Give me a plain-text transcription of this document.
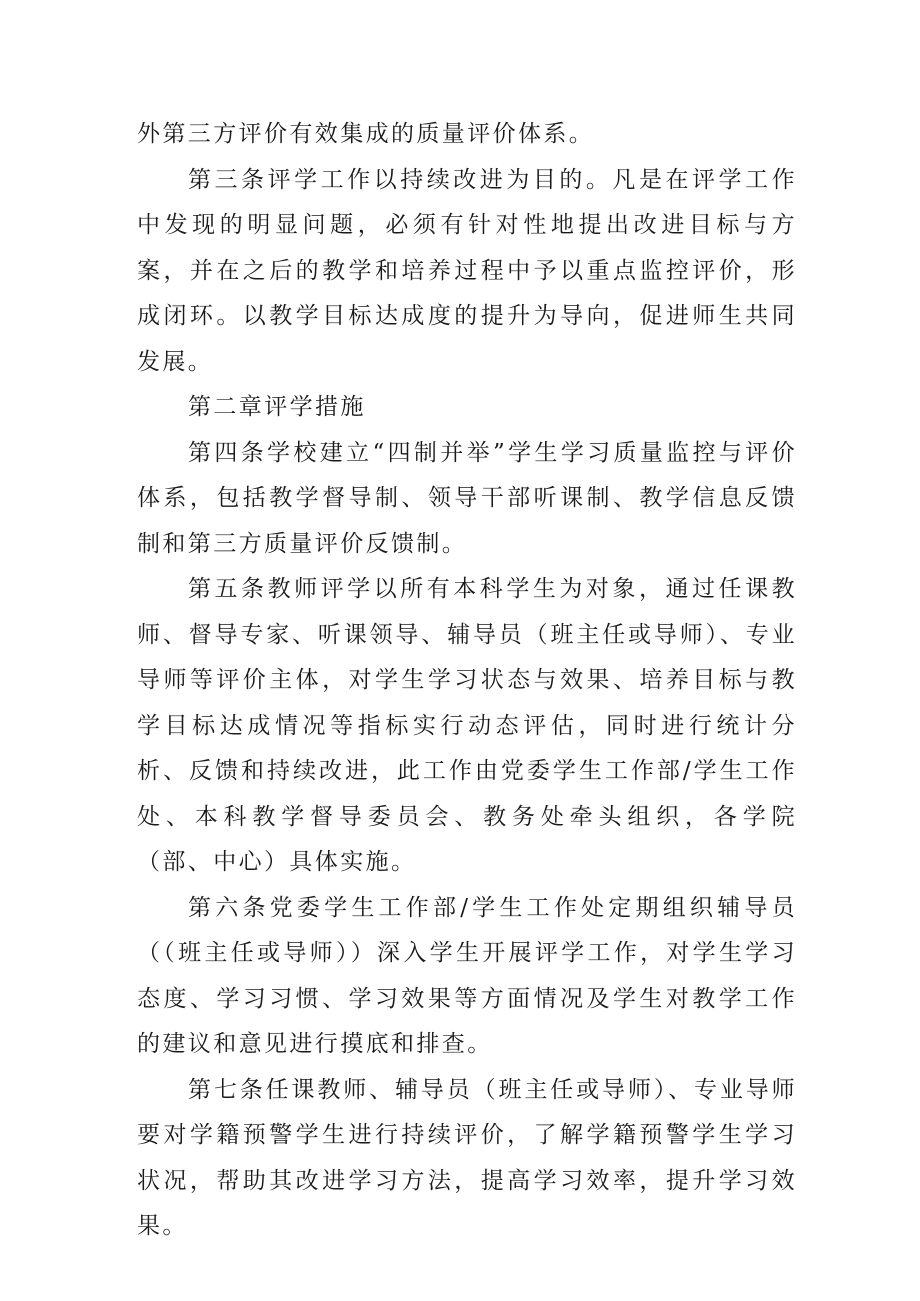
外第三方评价有效集成的质量评价体系。

第三条评学工作以持续改进为目的。凡是在评学工作中发现的明显问题，必须有针对性地提出改进目标与方案，并在之后的教学和培养过程中予以重点监控评价，形成闭环。以教学目标达成度的提升为导向，促进师生共同发展。

第二章评学措施

第四条学校建立“四制并举”学生学习质量监控与评价体系，包括教学督导制、领导干部听课制、教学信息反馈制和第三方质量评价反馈制。

第五条教师评学以所有本科学生为对象，通过任课教师、督导专家、听课领导、辅导员（班主任或导师）、专业导师等评价主体，对学生学习状态与效果、培养目标与教学目标达成情况等指标实行动态评估，同时进行统计分析、反馈和持续改进，此工作由党委学生工作部/学生工作处、本科教学督导委员会、教务处牵头组织，各学院（部、中心）具体实施。

第六条党委学生工作部/学生工作处定期组织辅导员（（班主任或导师））深入学生开展评学工作，对学生学习态度、学习习惯、学习效果等方面情况及学生对教学工作的建议和意见进行摸底和排查。

第七条任课教师、辅导员（班主任或导师）、专业导师要对学籍预警学生进行持续评价，了解学籍预警学生学习状况，帮助其改进学习方法，提高学习效率，提升学习效果。
